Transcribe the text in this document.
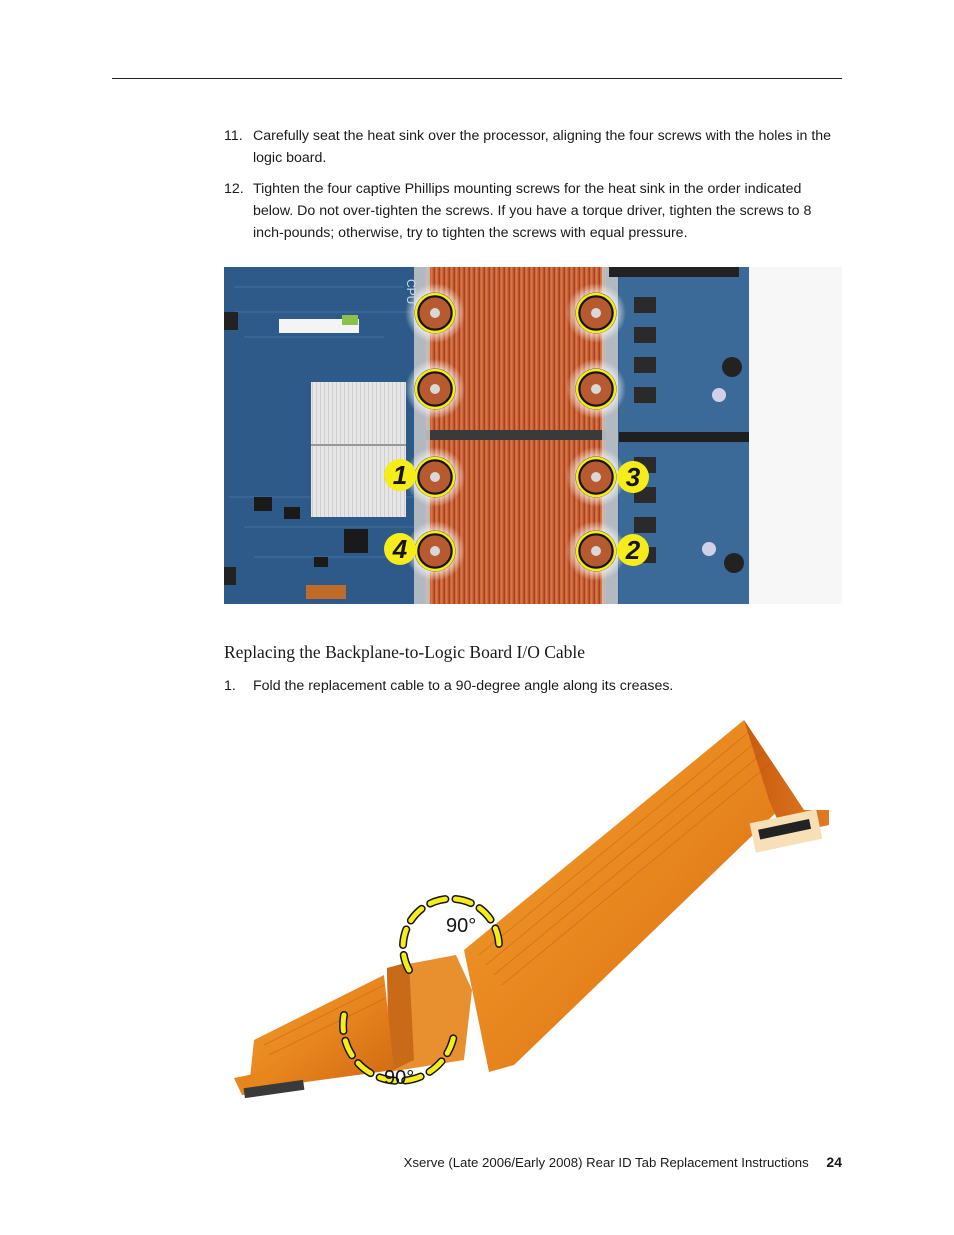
11. Carefully seat the heat sink over the processor, aligning the four screws with the holes in the logic board.
12. Tighten the four captive Phillips mounting screws for the heat sink in the order indicated below. Do not over-tighten the screws. If you have a torque driver, tighten the screws to 8 inch-pounds; otherwise, try to tighten the screws with equal pressure.
CPU
1
2
3
4
Replacing the Backplane-to-Logic Board I/O Cable
1.	Fold the replacement cable to a 90-degree angle along its creases.
90°
90°
Xserve (Late 2006/Early 2008) Rear ID Tab Replacement Instructions 24
